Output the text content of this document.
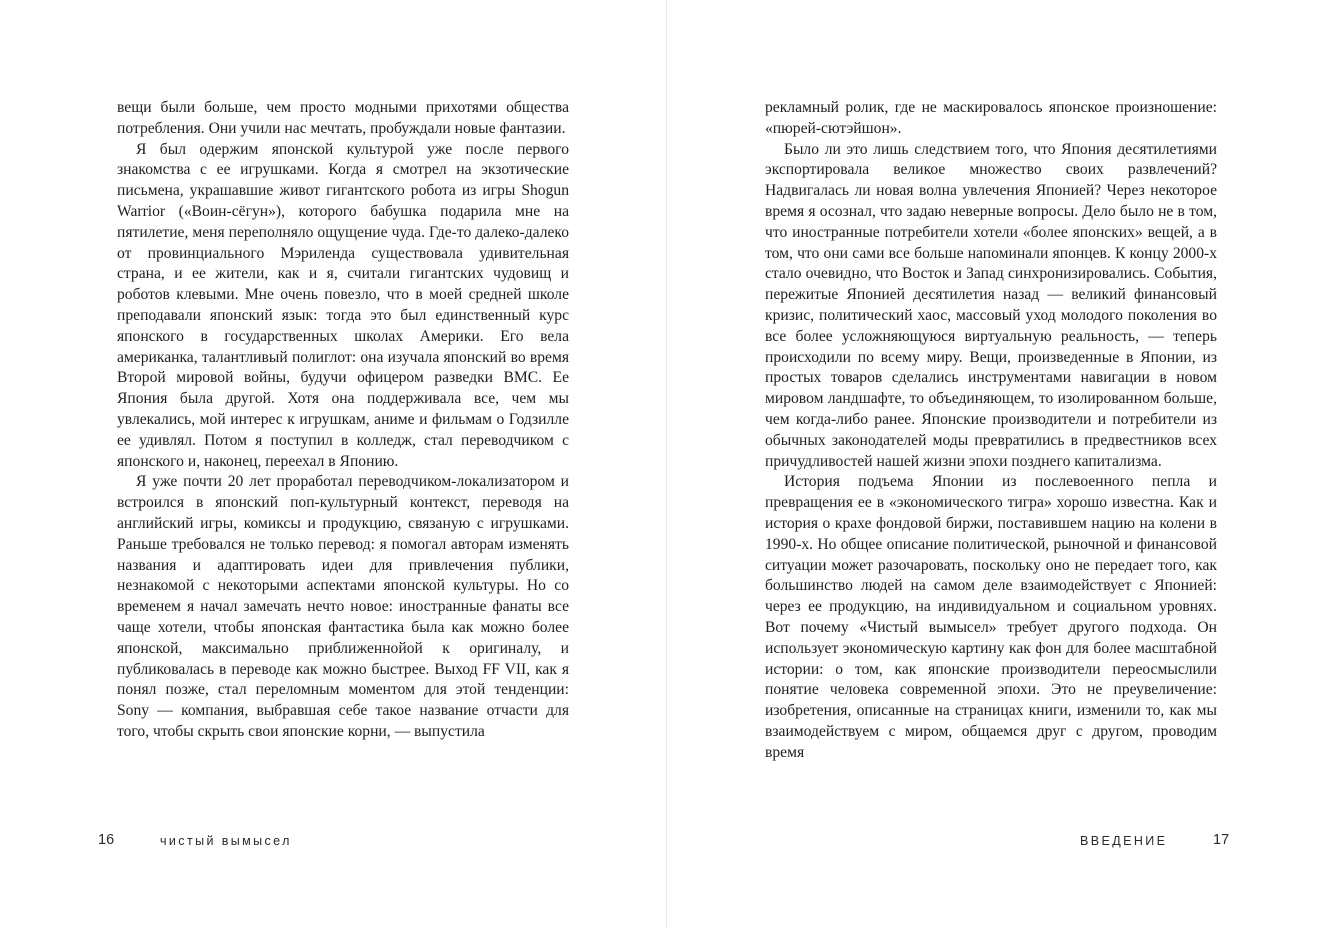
вещи были больше, чем просто модными прихотями общества потребления. Они учили нас мечтать, пробуждали новые фантазии.

Я был одержим японской культурой уже после первого знакомства с ее игрушками. Когда я смотрел на экзотические письмена, украшавшие живот гигантского робота из игры Shogun Warrior («Воин-сёгун»), которого бабушка подарила мне на пятилетие, меня переполняло ощущение чуда. Где-то далеко-далеко от провинциального Мэриленда существовала удивительная страна, и ее жители, как и я, считали гигантских чудовищ и роботов клевыми. Мне очень повезло, что в моей средней школе преподавали японский язык: тогда это был единственный курс японского в государственных школах Америки. Его вела американка, талантливый полиглот: она изучала японский во время Второй мировой войны, будучи офицером разведки ВМС. Ее Япония была другой. Хотя она поддерживала все, чем мы увлекались, мой интерес к игрушкам, аниме и фильмам о Годзилле ее удивлял. Потом я поступил в колледж, стал переводчиком с японского и, наконец, переехал в Японию.

Я уже почти 20 лет проработал переводчиком-локализатором и встроился в японский поп-культурный контекст, переводя на английский игры, комиксы и продукцию, связаную с игрушками. Раньше требовался не только перевод: я помогал авторам изменять названия и адаптировать идеи для привлечения публики, незнакомой с некоторыми аспектами японской культуры. Но со временем я начал замечать нечто новое: иностранные фанаты все чаще хотели, чтобы японская фантастика была как можно более японской, максимально приближеннойой к оригиналу, и публиковалась в переводе как можно быстрее. Выход FF VII, как я понял позже, стал переломным моментом для этой тенденции: Sony — компания, выбравшая себе такое название отчасти для того, чтобы скрыть свои японские корни, — выпустила

рекламный ролик, где не маскировалось японское произношение: «пюрей-сютэйшон».

Было ли это лишь следствием того, что Япония десятилетиями экспортировала великое множество своих развлечений? Надвигалась ли новая волна увлечения Японией? Через некоторое время я осознал, что задаю неверные вопросы. Дело было не в том, что иностранные потребители хотели «более японских» вещей, а в том, что они сами все больше напоминали японцев. К концу 2000-х стало очевидно, что Восток и Запад синхронизировались. События, пережитые Японией десятилетия назад — великий финансовый кризис, политический хаос, массовый уход молодого поколения во все более усложняющуюся виртуальную реальность, — теперь происходили по всему миру. Вещи, произведенные в Японии, из простых товаров сделались инструментами навигации в новом мировом ландшафте, то объединяющем, то изолированном больше, чем когда-либо ранее. Японские производители и потребители из обычных законодателей моды превратились в предвестников всех причудливостей нашей жизни эпохи позднего капитализма.

История подъема Японии из послевоенного пепла и превращения ее в «экономического тигра» хорошо известна. Как и история о крахе фондовой биржи, поставившем нацию на колени в 1990-х. Но общее описание политической, рыночной и финансовой ситуации может разочаровать, поскольку оно не передает того, как большинство людей на самом деле взаимодействует с Японией: через ее продукцию, на индивидуальном и социальном уровнях. Вот почему «Чистый вымысел» требует другого подхода. Он использует экономическую картину как фон для более масштабной истории: о том, как японские производители переосмыслили понятие человека современной эпохи. Это не преувеличение: изобретения, описанные на страницах книги, изменили то, как мы взаимодействуем с миром, общаемся друг с другом, проводим время

16	чистый вымысел	ВВЕДЕНИЕ	17
